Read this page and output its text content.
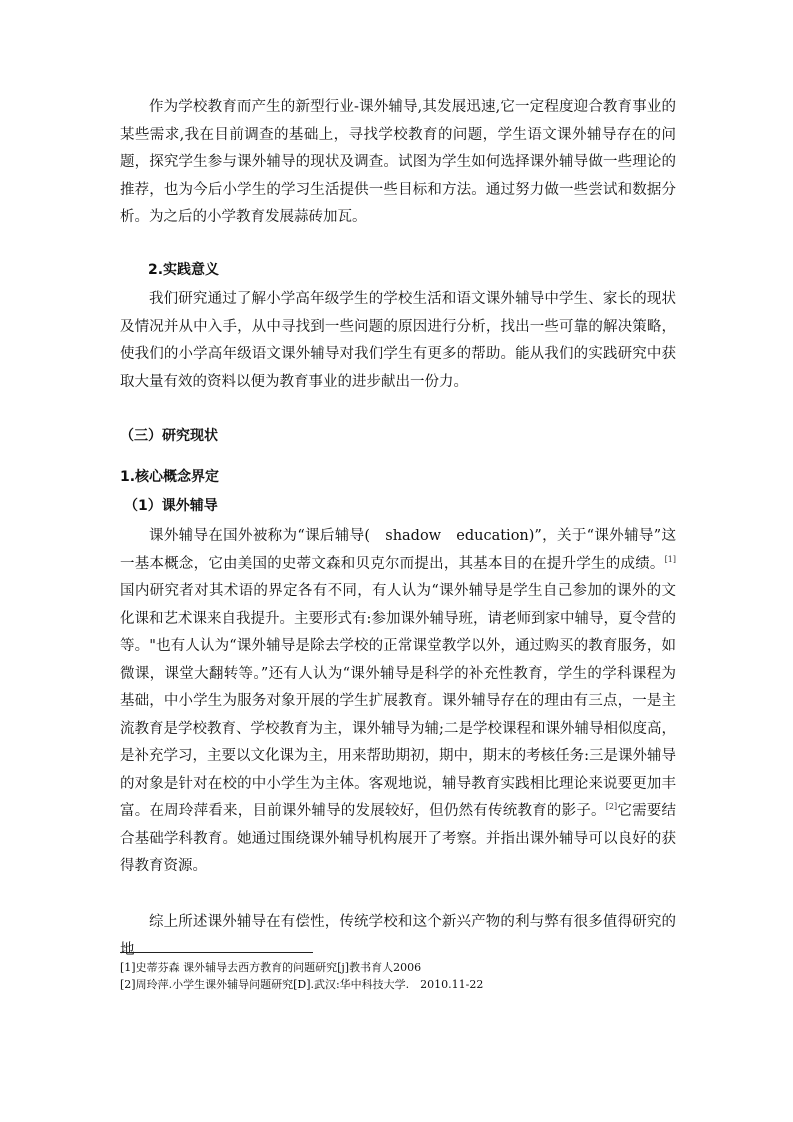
作为学校教育而产生的新型行业-课外辅导,其发展迅速,它一定程度迎合教育事业的某些需求,我在目前调查的基础上，寻找学校教育的问题，学生语文课外辅导存在的问题，探究学生参与课外辅导的现状及调查。试图为学生如何选择课外辅导做一些理论的推荐，也为今后小学生的学习生活提供一些目标和方法。通过努力做一些尝试和数据分析。为之后的小学教育发展蒜砖加瓦。

2.实践意义

我们研究通过了解小学高年级学生的学校生活和语文课外辅导中学生、家长的现状及情况并从中入手，从中寻找到一些问题的原因进行分析，找出一些可靠的解决策略，使我们的小学高年级语文课外辅导对我们学生有更多的帮助。能从我们的实践研究中获取大量有效的资料以便为教育事业的进步献出一份力。

（三）研究现状
1.核心概念界定
（1）课外辅导

课外辅导在国外被称为“课后辅导(　shadow　education)”，关于“课外辅导”这一基本概念，它由美国的史蒂文森和贝克尔而提出，其基本目的在提升学生的成绩。[1]国内研究者对其术语的界定各有不同，有人认为“课外辅导是学生自己参加的课外的文化课和艺术课来自我提升。主要形式有:参加课外辅导班，请老师到家中辅导，夏令营的等。"也有人认为“课外辅导是除去学校的正常课堂教学以外，通过购买的教育服务，如微课，课堂大翻转等。”还有人认为“课外辅导是科学的补充性教育，学生的学科课程为基础，中小学生为服务对象开展的学生扩展教育。课外辅导存在的理由有三点，一是主流教育是学校教育、学校教育为主，课外辅导为辅;二是学校课程和课外辅导相似度高，是补充学习，主要以文化课为主，用来帮助期初，期中，期末的考核任务:三是课外辅导的对象是针对在校的中小学生为主体。客观地说，辅导教育实践相比理论来说要更加丰富。在周玲萍看来，目前课外辅导的发展较好，但仍然有传统教育的影子。[2]它需要结合基础学科教育。她通过围绕课外辅导机构展开了考察。并指出课外辅导可以良好的获得教育资源。

综上所述课外辅导在有偿性，传统学校和这个新兴产物的利与弊有很多值得研究的地

[1]史蒂芬森 课外辅导去西方教育的问题研究[j]教书育人2006

[2]周玲萍.小学生课外辅导问题研究[D].武汉:华中科技大学.　2010.11-22
